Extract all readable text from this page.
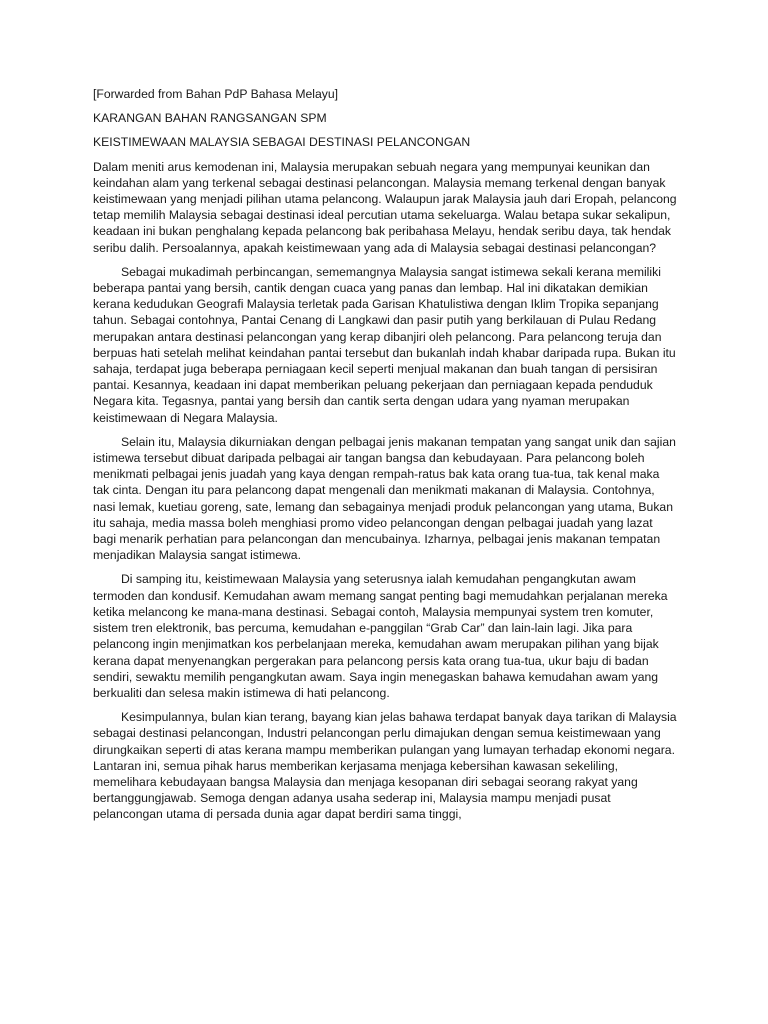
[Forwarded from Bahan PdP Bahasa Melayu]
KARANGAN BAHAN RANGSANGAN SPM
KEISTIMEWAAN MALAYSIA SEBAGAI DESTINASI PELANCONGAN

Dalam meniti arus kemodenan ini, Malaysia merupakan sebuah negara yang mempunyai keunikan dan keindahan alam yang terkenal sebagai destinasi pelancongan. Malaysia memang terkenal dengan banyak keistimewaan yang menjadi pilihan utama pelancong. Walaupun jarak Malaysia jauh dari Eropah, pelancong tetap memilih Malaysia sebagai destinasi ideal percutian utama sekeluarga. Walau betapa sukar sekalipun, keadaan ini bukan penghalang kepada pelancong bak peribahasa Melayu, hendak seribu daya, tak hendak seribu dalih. Persoalannya, apakah keistimewaan yang ada di Malaysia sebagai destinasi pelancongan?

Sebagai mukadimah perbincangan, sememangnya Malaysia sangat istimewa sekali kerana memiliki beberapa pantai yang bersih, cantik dengan cuaca yang panas dan lembap. Hal ini dikatakan demikian kerana kedudukan Geografi Malaysia terletak pada Garisan Khatulistiwa dengan Iklim Tropika sepanjang tahun. Sebagai contohnya, Pantai Cenang di Langkawi dan pasir putih yang berkilauan di Pulau Redang merupakan antara destinasi pelancongan yang kerap dibanjiri oleh pelancong. Para pelancong teruja dan berpuas hati setelah melihat keindahan pantai tersebut dan bukanlah indah khabar daripada rupa. Bukan itu sahaja, terdapat juga beberapa perniagaan kecil seperti menjual makanan dan buah tangan di persisiran pantai. Kesannya, keadaan ini dapat memberikan peluang pekerjaan dan perniagaan kepada penduduk Negara kita. Tegasnya, pantai yang bersih dan cantik serta dengan udara yang nyaman merupakan keistimewaan di Negara Malaysia.

Selain itu, Malaysia dikurniakan dengan pelbagai jenis makanan tempatan yang sangat unik dan sajian istimewa tersebut dibuat daripada pelbagai air tangan bangsa dan kebudayaan. Para pelancong boleh menikmati pelbagai jenis juadah yang kaya dengan rempah-ratus bak kata orang tua-tua, tak kenal maka tak cinta. Dengan itu para pelancong dapat mengenali dan menikmati makanan di Malaysia. Contohnya, nasi lemak, kuetiau goreng, sate, lemang dan sebagainya menjadi produk pelancongan yang utama, Bukan itu sahaja, media massa boleh menghiasi promo video pelancongan dengan pelbagai juadah yang lazat bagi menarik perhatian para pelancongan dan mencubainya. Izharnya, pelbagai jenis makanan tempatan menjadikan Malaysia sangat istimewa.

Di samping itu, keistimewaan Malaysia yang seterusnya ialah kemudahan pengangkutan awam termoden dan kondusif. Kemudahan awam memang sangat penting bagi memudahkan perjalanan mereka ketika melancong ke mana-mana destinasi. Sebagai contoh, Malaysia mempunyai system tren komuter, sistem tren elektronik, bas percuma, kemudahan e-panggilan “Grab Car” dan lain-lain lagi. Jika para pelancong ingin menjimatkan kos perbelanjaan mereka, kemudahan awam merupakan pilihan yang bijak kerana dapat menyenangkan pergerakan para pelancong persis kata orang tua-tua, ukur baju di badan sendiri, sewaktu memilih pengangkutan awam. Saya ingin menegaskan bahawa kemudahan awam yang berkualiti dan selesa makin istimewa di hati pelancong.

Kesimpulannya, bulan kian terang, bayang kian jelas bahawa terdapat banyak daya tarikan di Malaysia sebagai destinasi pelancongan, Industri pelancongan perlu dimajukan dengan semua keistimewaan yang dirungkaikan seperti di atas kerana mampu memberikan pulangan yang lumayan terhadap ekonomi negara. Lantaran ini, semua pihak harus memberikan kerjasama menjaga kebersihan kawasan sekeliling, memelihara kebudayaan bangsa Malaysia dan menjaga kesopanan diri sebagai seorang rakyat yang bertanggungjawab. Semoga dengan adanya usaha sederap ini, Malaysia mampu menjadi pusat pelancongan utama di persada dunia agar dapat berdiri sama tinggi,
